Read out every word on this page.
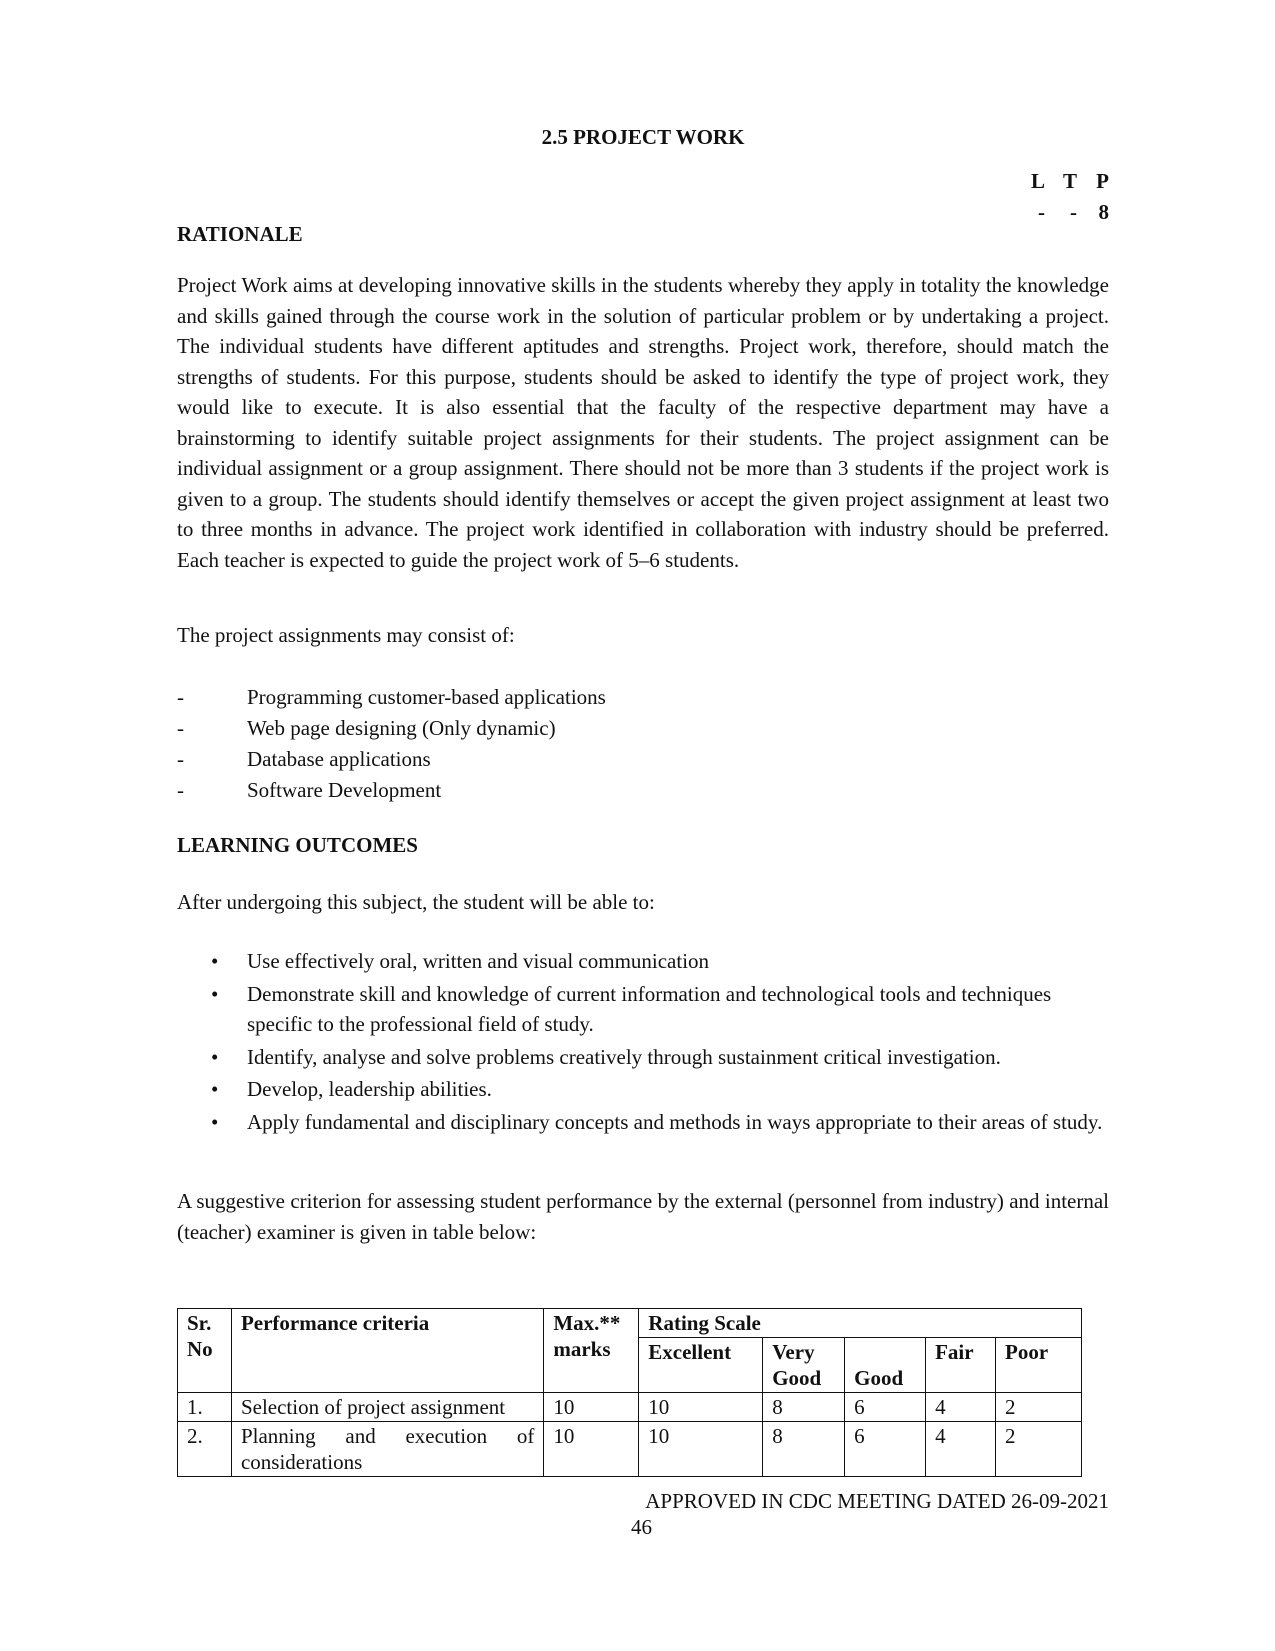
2.5 PROJECT WORK
L T P
-	-	8
RATIONALE

Project Work aims at developing innovative skills in the students whereby they apply in totality the knowledge and skills gained through the course work in the solution of particular problem or by undertaking a project. The individual students have different aptitudes and strengths. Project work, therefore, should match the strengths of students. For this purpose, students should be asked to identify the type of project work, they would like to execute. It is also essential that the faculty of the respective department may have a brainstorming to identify suitable project assignments for their students. The project assignment can be individual assignment or a group assignment. There should not be more than 3 students if the project work is given to a group. The students should identify themselves or accept the given project assignment at least two to three months in advance. The project work identified in collaboration with industry should be preferred. Each teacher is expected to guide the project work of 5–6 students.

The project assignments may consist of:

-	Programming customer-based applications
-	Web page designing (Only dynamic)
-	Database applications
-	Software Development
LEARNING OUTCOMES

After undergoing this subject, the student will be able to:

•	Use effectively oral, written and visual communication
•	Demonstrate skill and knowledge of current information and technological tools and techniques specific to the professional field of study.
•	Identify, analyse and solve problems creatively through sustainment critical investigation.
•	Develop, leadership abilities.
•	Apply fundamental and disciplinary concepts and methods in ways appropriate to their areas of study.

A suggestive criterion for assessing student performance by the external (personnel from industry) and internal (teacher) examiner is given in table below:

Sr. No	Performance criteria	Max.** marks	Rating Scale				
			Excellent	Very Good	Good	Fair	Poor
1.	Selection of project assignment	10	10	8	6	4	2
2.	Planning and execution of considerations	10	10	8	6	4	2
APPROVED IN CDC MEETING DATED 26-09-2021
46
